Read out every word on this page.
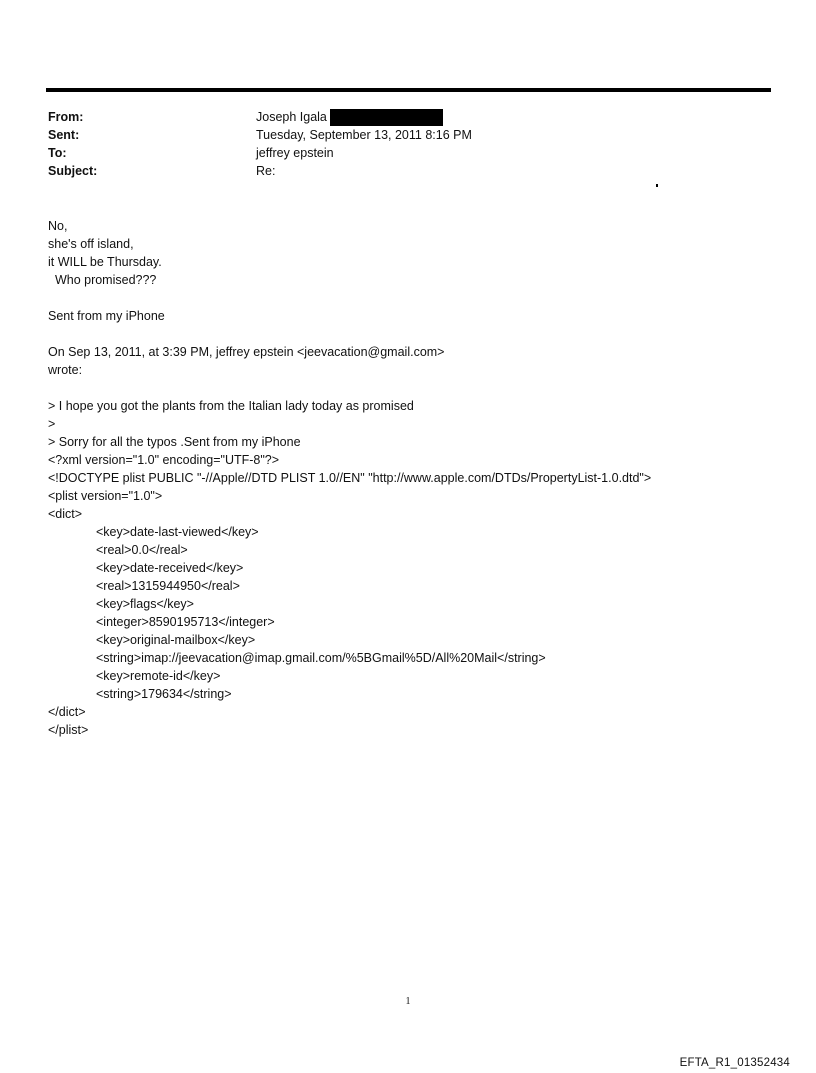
From:	Joseph Igala
Sent:	Tuesday, September 13, 2011 8:16 PM
To:	jeffrey epstein
Subject:	Re:
No,
she's off island,
it WILL be Thursday.
Who promised???
Sent from my iPhone
On Sep 13, 2011, at 3:39 PM, jeffrey epstein <jeevacation@gmail.com>
wrote:
> I hope you got the plants from the Italian lady today as promised
>
> Sorry for all the typos .Sent from my iPhone
<?xml version="1.0" encoding="UTF-8"?>
<!DOCTYPE plist PUBLIC "-//Apple//DTD PLIST 1.0//EN" "http://www.apple.com/DTDs/PropertyList-1.0.dtd">
<plist version="1.0">
<dict>
<key>date-last-viewed</key>
<real>0.0</real>
<key>date-received</key>
<real>1315944950</real>
<key>flags</key>
<integer>8590195713</integer>
<key>original-mailbox</key>
<string>imap://jeevacation@imap.gmail.com/%5BGmail%5D/All%20Mail</string>
<key>remote-id</key>
<string>179634</string>
</dict>
</plist>
1
EFTA_R1_01352434
